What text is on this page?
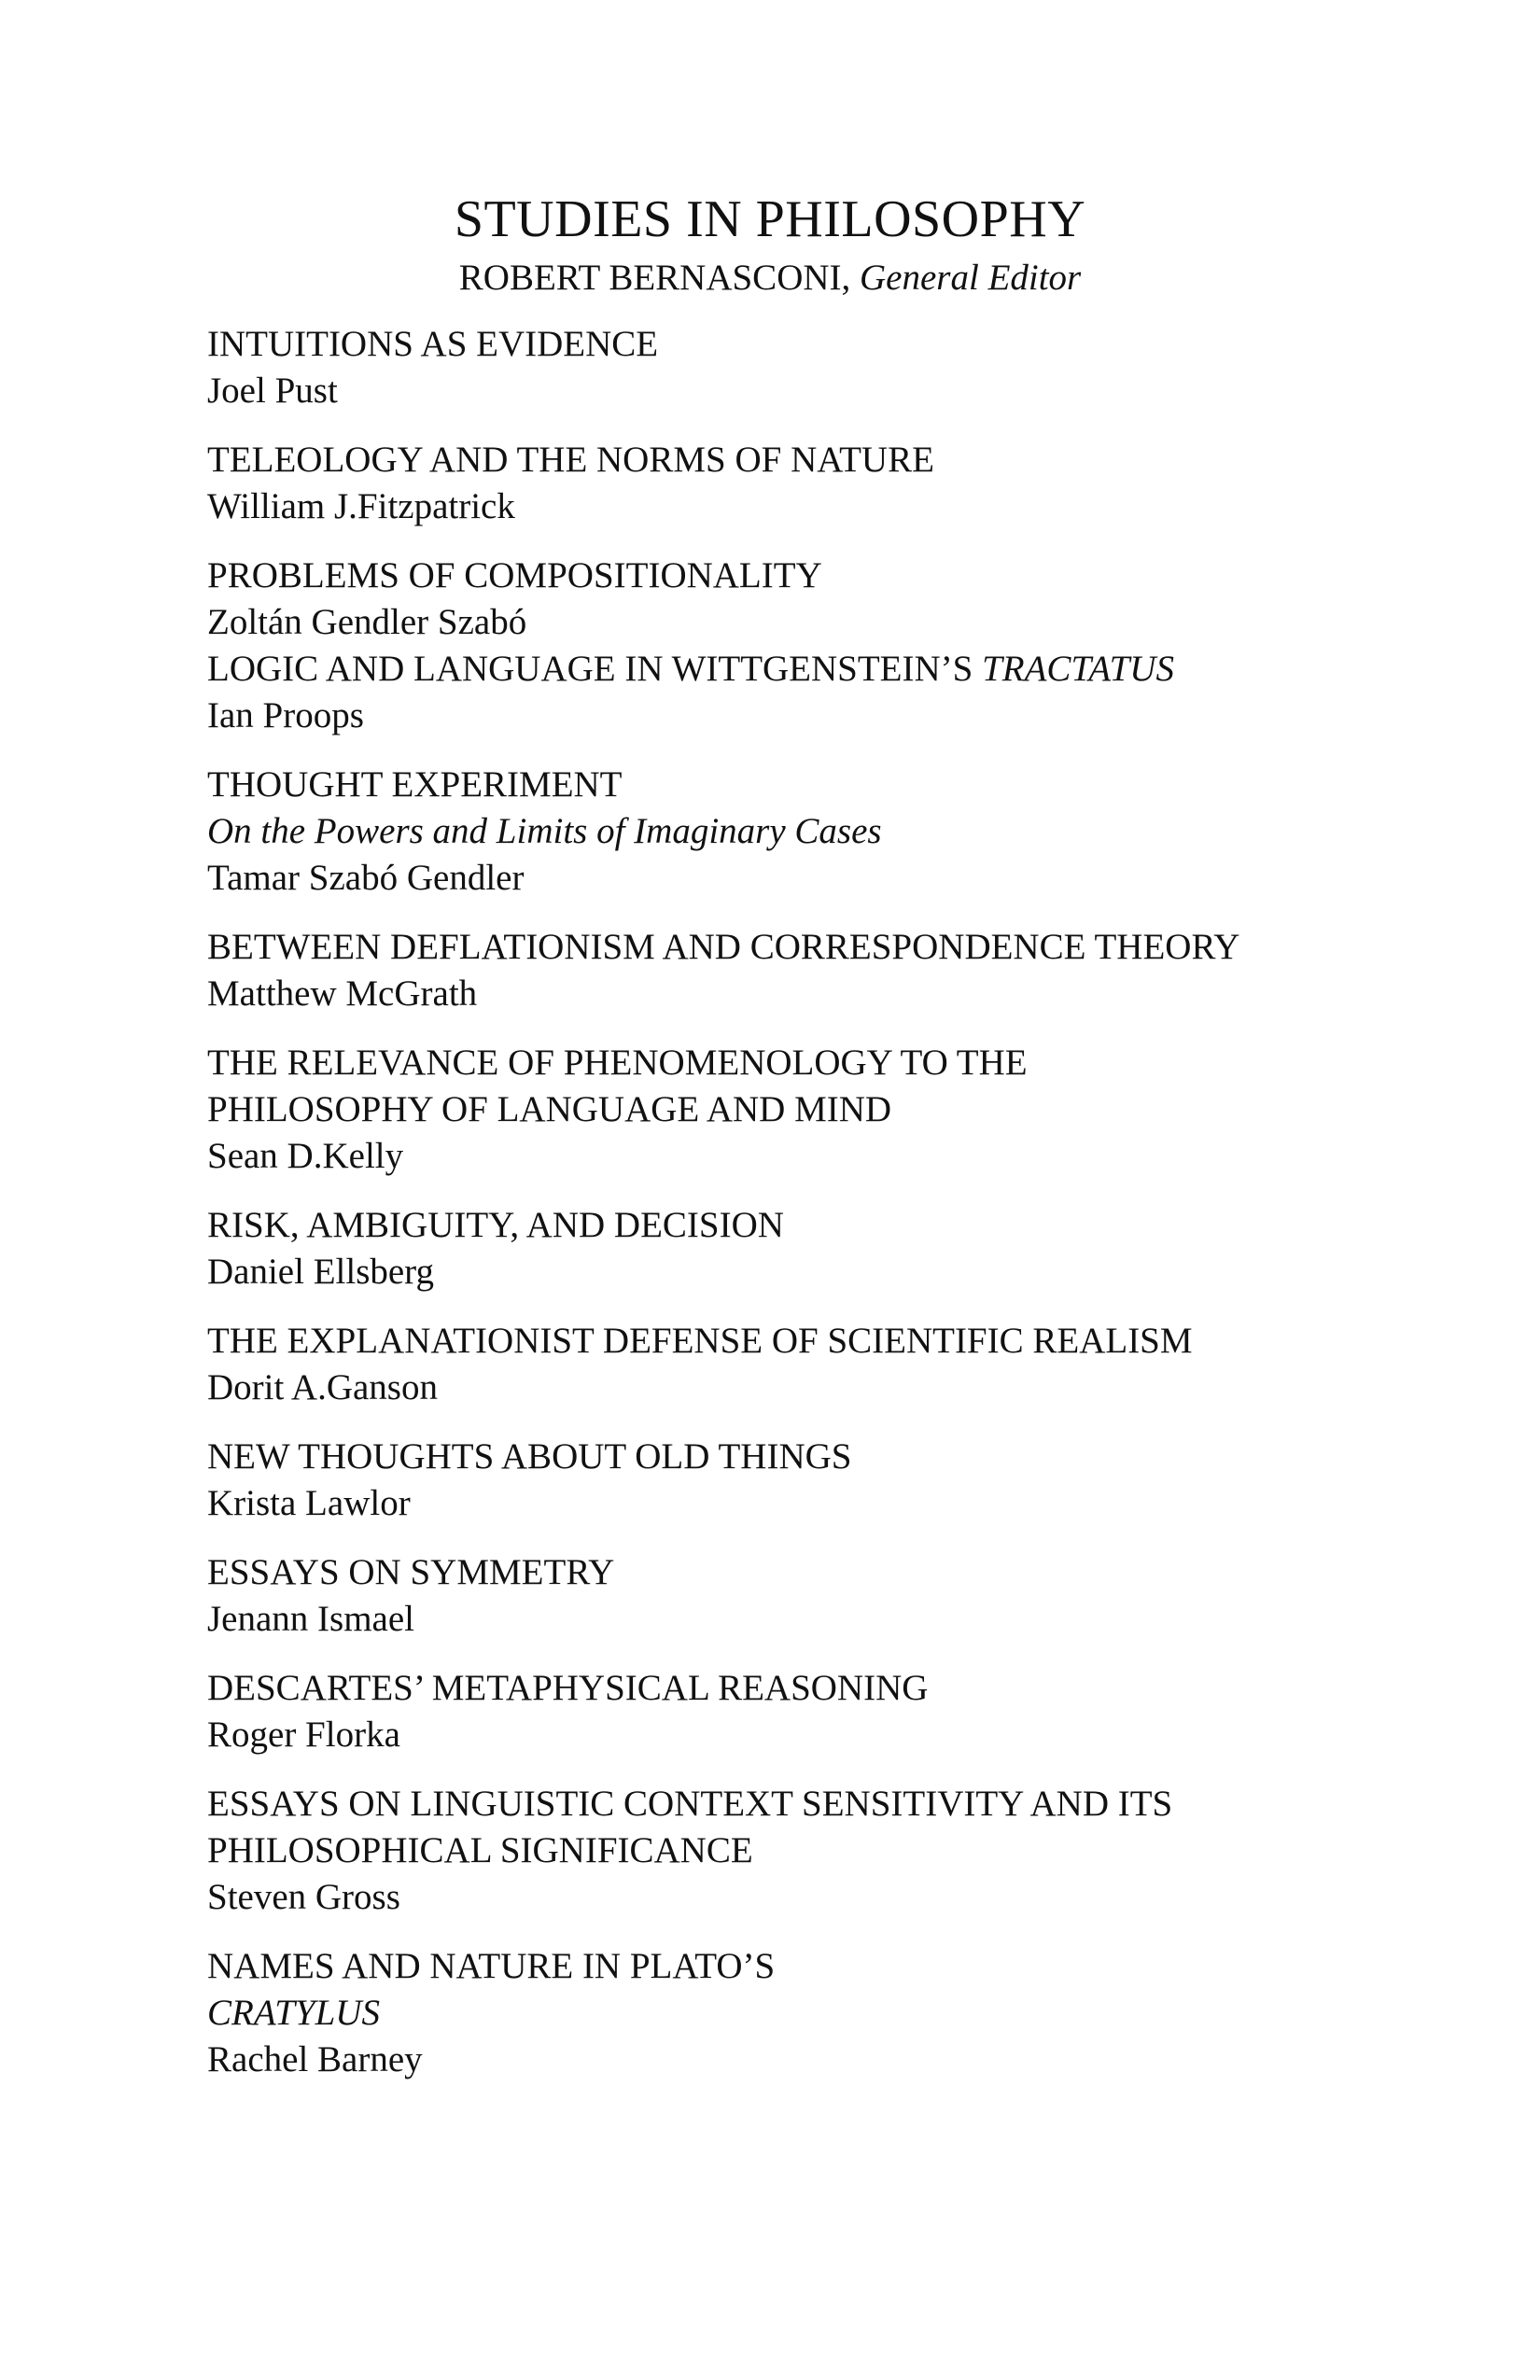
STUDIES IN PHILOSOPHY
ROBERT BERNASCONI, General Editor
INTUITIONS AS EVIDENCE
Joel Pust
TELEOLOGY AND THE NORMS OF NATURE
William J.Fitzpatrick
PROBLEMS OF COMPOSITIONALITY
Zoltán Gendler Szabó
LOGIC AND LANGUAGE IN WITTGENSTEIN’S TRACTATUS
Ian Proops
THOUGHT EXPERIMENT
On the Powers and Limits of Imaginary Cases
Tamar Szabó Gendler
BETWEEN DEFLATIONISM AND CORRESPONDENCE THEORY
Matthew McGrath
THE RELEVANCE OF PHENOMENOLOGY TO THE
PHILOSOPHY OF LANGUAGE AND MIND
Sean D.Kelly
RISK, AMBIGUITY, AND DECISION
Daniel Ellsberg
THE EXPLANATIONIST DEFENSE OF SCIENTIFIC REALISM
Dorit A.Ganson
NEW THOUGHTS ABOUT OLD THINGS
Krista Lawlor
ESSAYS ON SYMMETRY
Jenann Ismael
DESCARTES’ METAPHYSICAL REASONING
Roger Florka
ESSAYS ON LINGUISTIC CONTEXT SENSITIVITY AND ITS
PHILOSOPHICAL SIGNIFICANCE
Steven Gross
NAMES AND NATURE IN PLATO’S
CRATYLUS
Rachel Barney
